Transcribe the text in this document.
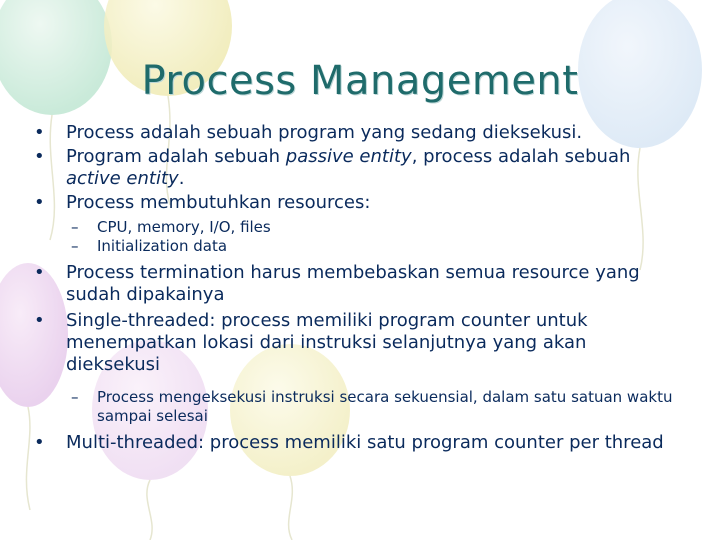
Process Management
•	Process adalah sebuah program yang sedang dieksekusi.
•	Program adalah sebuah passive entity, process adalah sebuah active entity.
•	Process membutuhkan resources:
– CPU, memory, I/O, files
– Initialization data
•	Process termination harus membebaskan semua resource yang sudah dipakainya
•	Single-threaded: process memiliki program counter untuk menempatkan lokasi dari instruksi selanjutnya yang akan dieksekusi
– Process mengeksekusi instruksi secara sekuensial, dalam satu satuan waktu sampai selesai
•	Multi-threaded: process memiliki satu program counter per thread
